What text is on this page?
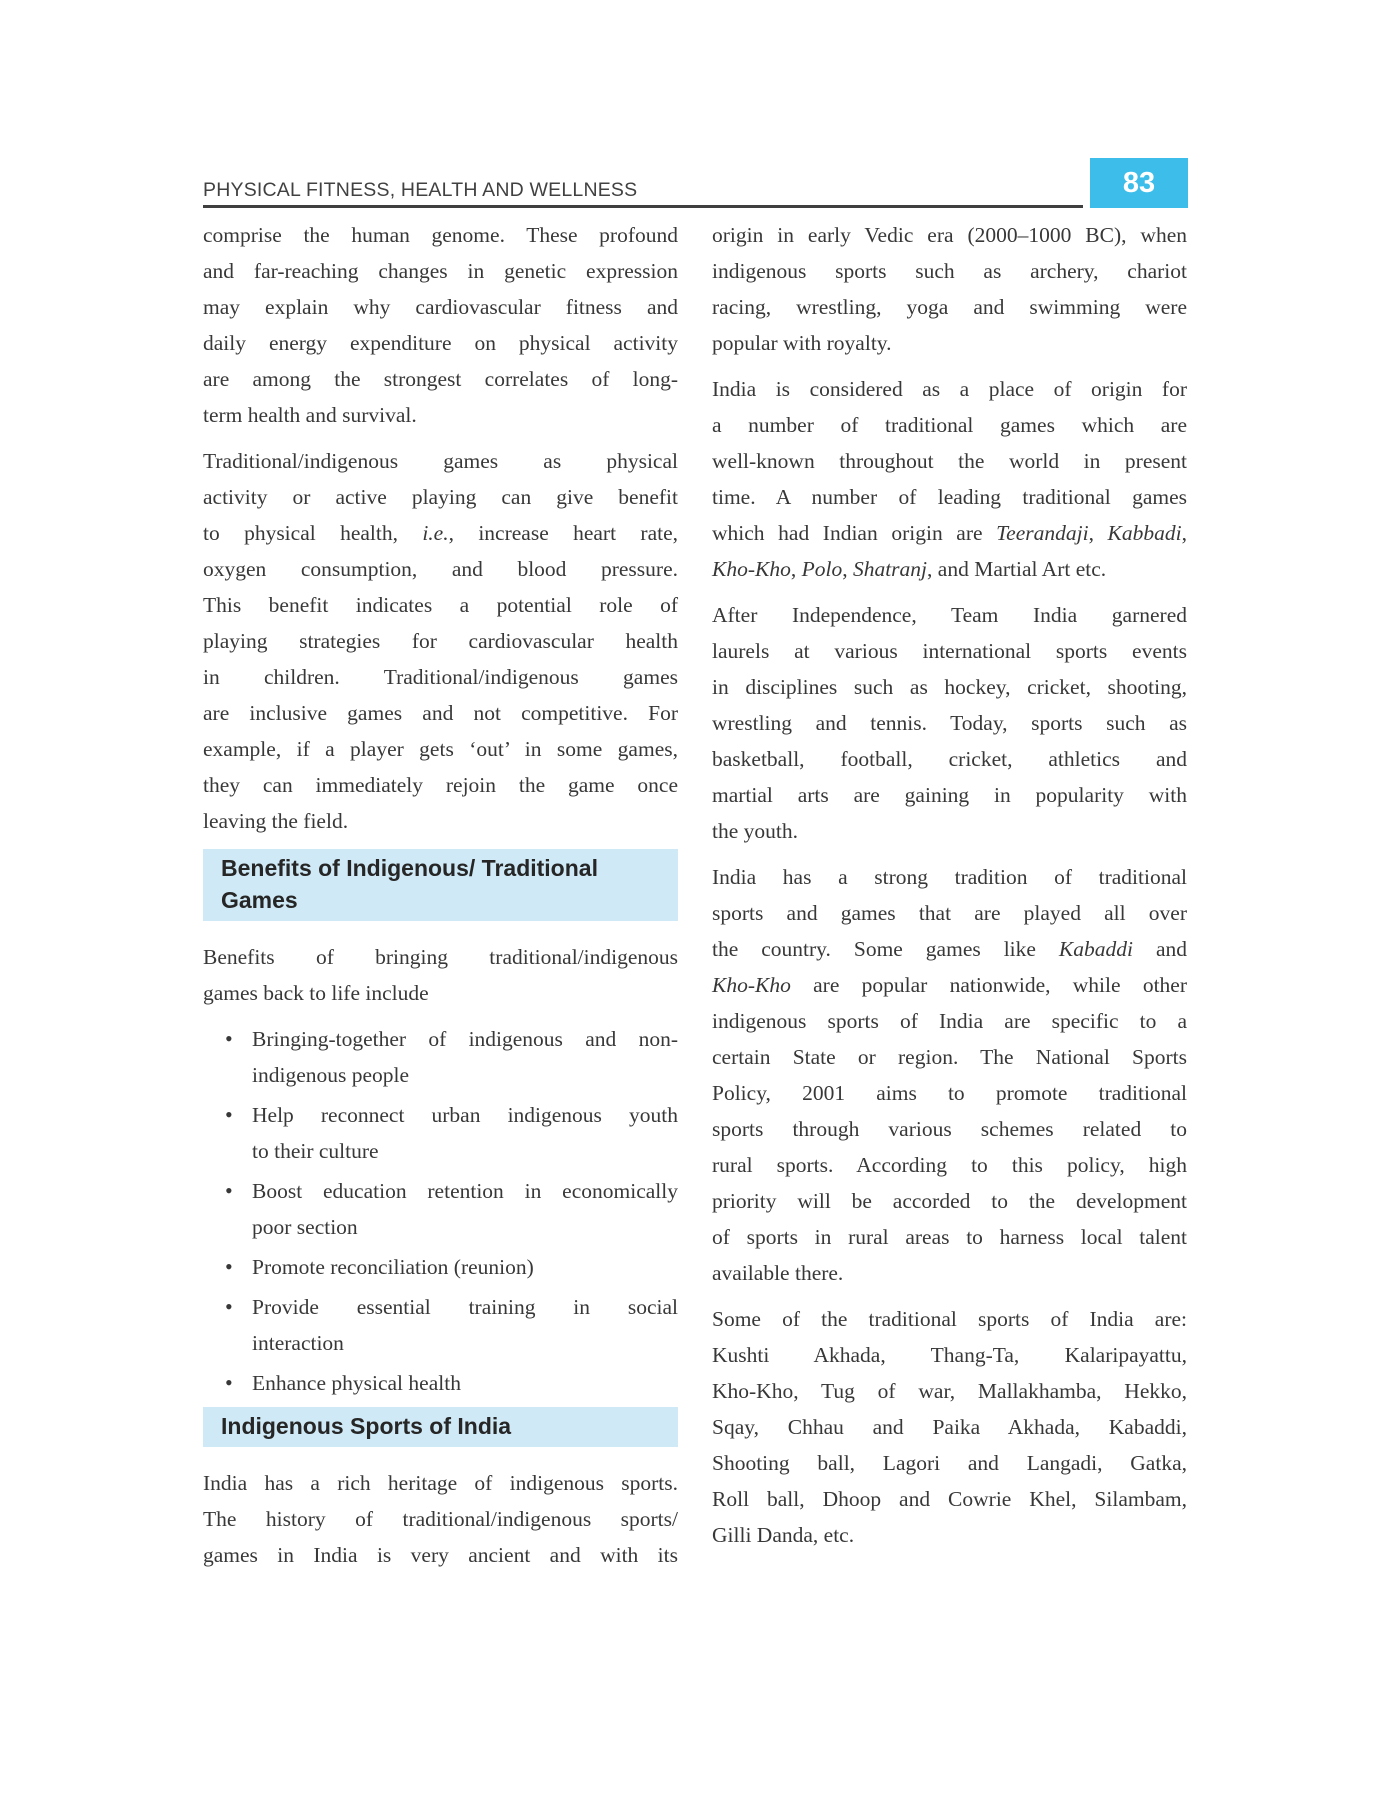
PHYSICAL FITNESS, HEALTH AND WELLNESS	83
comprise the human genome. These profound
and far-reaching changes in genetic expression
may explain why cardiovascular fitness and
daily energy expenditure on physical activity
are among the strongest correlates of long-
term health and survival.
Traditional/indigenous games as physical
activity or active playing can give benefit
to physical health, i.e., increase heart rate,
oxygen consumption, and blood pressure.
This benefit indicates a potential role of
playing strategies for cardiovascular health
in children. Traditional/indigenous games
are inclusive games and not competitive. For
example, if a player gets ‘out’ in some games,
they can immediately rejoin the game once
leaving the field.
Benefits of Indigenous/ Traditional
Games
Benefits of bringing traditional/indigenous
games back to life include
• Bringing-together of indigenous and non-
indigenous people
• Help reconnect urban indigenous youth
to their culture
• Boost education retention in economically
poor section
• Promote reconciliation (reunion)
• Provide essential training in social
interaction
• Enhance physical health
Indigenous Sports of India
India has a rich heritage of indigenous sports.
The history of traditional/indigenous sports/
games in India is very ancient and with its
origin in early Vedic era (2000–1000 BC), when
indigenous sports such as archery, chariot
racing, wrestling, yoga and swimming were
popular with royalty.
India is considered as a place of origin for
a number of traditional games which are
well-known throughout the world in present
time. A number of leading traditional games
which had Indian origin are Teerandaji, Kabbadi,
Kho-Kho, Polo, Shatranj, and Martial Art etc.
After Independence, Team India garnered
laurels at various international sports events
in disciplines such as hockey, cricket, shooting,
wrestling and tennis. Today, sports such as
basketball, football, cricket, athletics and
martial arts are gaining in popularity with
the youth.
India has a strong tradition of traditional
sports and games that are played all over
the country. Some games like Kabaddi and
Kho-Kho are popular nationwide, while other
indigenous sports of India are specific to a
certain State or region. The National Sports
Policy, 2001 aims to promote traditional
sports through various schemes related to
rural sports. According to this policy, high
priority will be accorded to the development
of sports in rural areas to harness local talent
available there.
Some of the traditional sports of India are:
Kushti Akhada, Thang-Ta, Kalaripayattu,
Kho-Kho, Tug of war, Mallakhamba, Hekko,
Sqay, Chhau and Paika Akhada, Kabaddi,
Shooting ball, Lagori and Langadi, Gatka,
Roll ball, Dhoop and Cowrie Khel, Silambam,
Gilli Danda, etc.
